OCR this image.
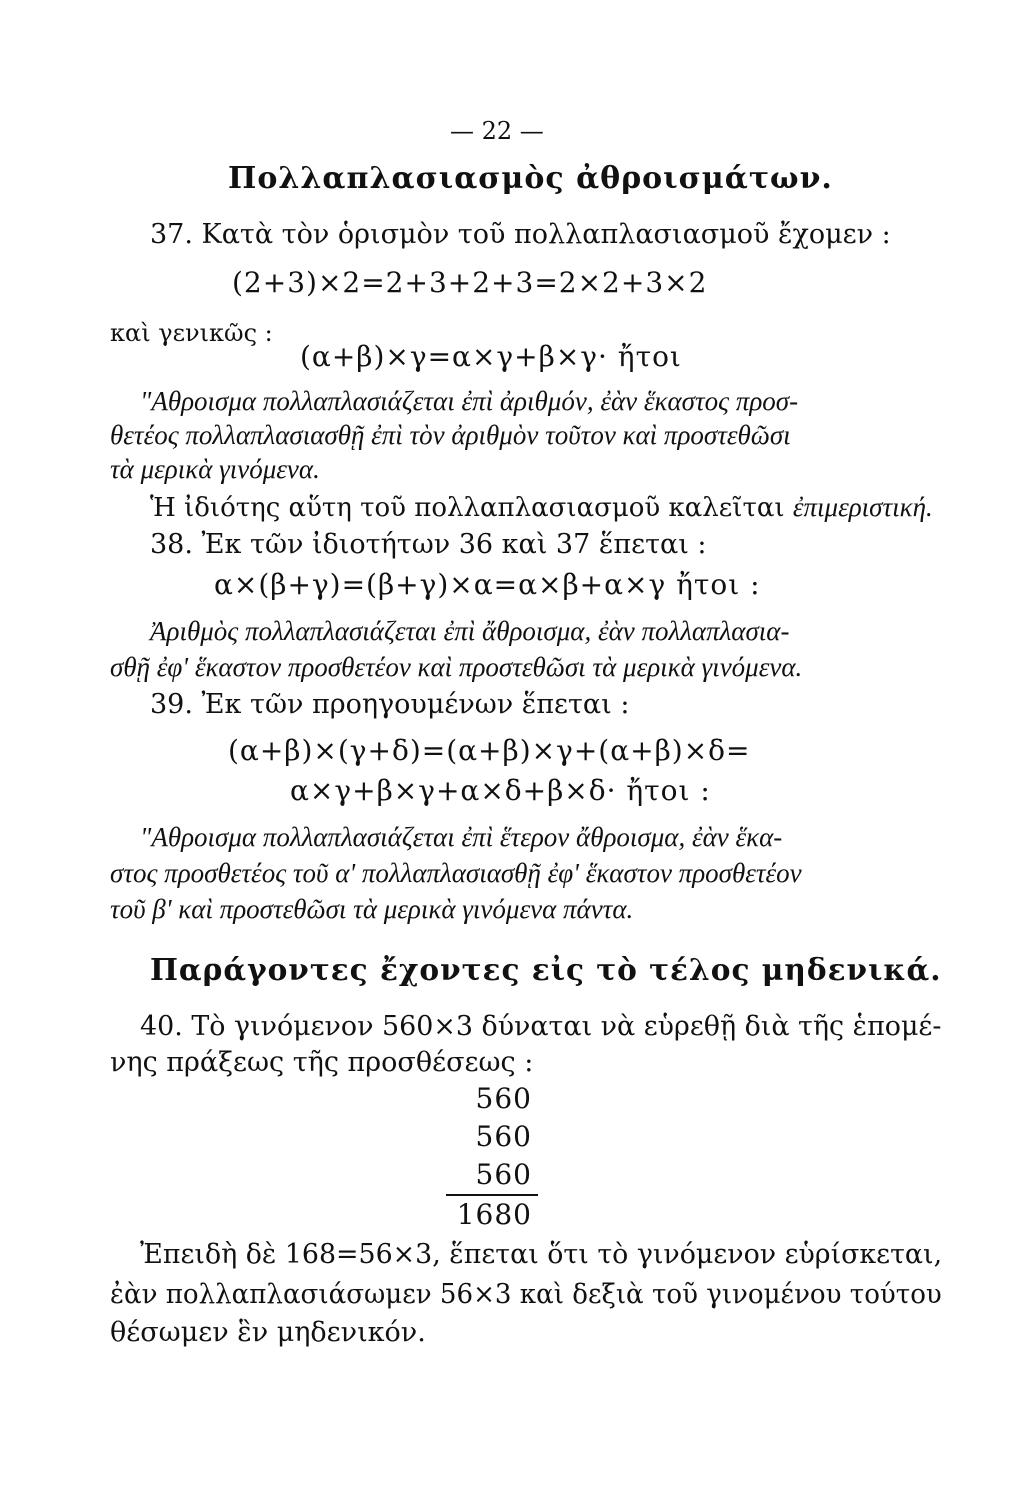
— 22 —
Πολλαπλασιασμὸς ἀθροισμάτων.
37. Κατὰ τὸν ὁρισμὸν τοῦ πολλαπλασιασμοῦ ἔχομεν :
(2+3)×2=2+3+2+3=2×2+3×2
καὶ γενικῶς :
(α+β)×γ=α×γ+β×γ· ἤτοι
"Αθροισμα πολλαπλασιάζεται ἐπὶ ἀριθμόν, ἐὰν ἕκαστος προσ-
θετέος πολλαπλασιασθῇ ἐπὶ τὸν ἀριθμὸν τοῦτον καὶ προστεθῶσι
τὰ μερικὰ γινόμενα.
Ἡ ἰδιότης αὕτη τοῦ πολλαπλασιασμοῦ καλεῖται ἐπιμεριστική.
38. Ἐκ τῶν ἰδιοτήτων 36 καὶ 37 ἕπεται :
α×(β+γ)=(β+γ)×α=α×β+α×γ ἤτοι :
Ἀριθμὸς πολλαπλασιάζεται ἐπὶ ἄθροισμα, ἐὰν πολλαπλασια-
σθῇ ἐφ' ἕκαστον προσθετέον καὶ προστεθῶσι τὰ μερικὰ γινόμενα.
39. Ἐκ τῶν προηγουμένων ἕπεται :
(α+β)×(γ+δ)=(α+β)×γ+(α+β)×δ=
α×γ+β×γ+α×δ+β×δ· ἤτοι :
"Αθροισμα πολλαπλασιάζεται ἐπὶ ἕτερον ἄθροισμα, ἐὰν ἕκα-
στος προσθετέος τοῦ α' πολλαπλασιασθῇ ἐφ' ἕκαστον προσθετέον
τοῦ β' καὶ προστεθῶσι τὰ μερικὰ γινόμενα πάντα.
Παράγοντες ἔχοντες εἰς τὸ τέλος μηδενικά.
40. Τὸ γινόμενον 560×3 δύναται νὰ εὑρεθῇ διὰ τῆς ἑπομέ-
νης πράξεως τῆς προσθέσεως :
560
560
560
1680
Ἐπειδὴ δὲ 168=56×3, ἕπεται ὅτι τὸ γινόμενον εὑρίσκεται,
ἐὰν πολλαπλασιάσωμεν 56×3 καὶ δεξιὰ τοῦ γινομένου τούτου
θέσωμεν ἓν μηδενικόν.
